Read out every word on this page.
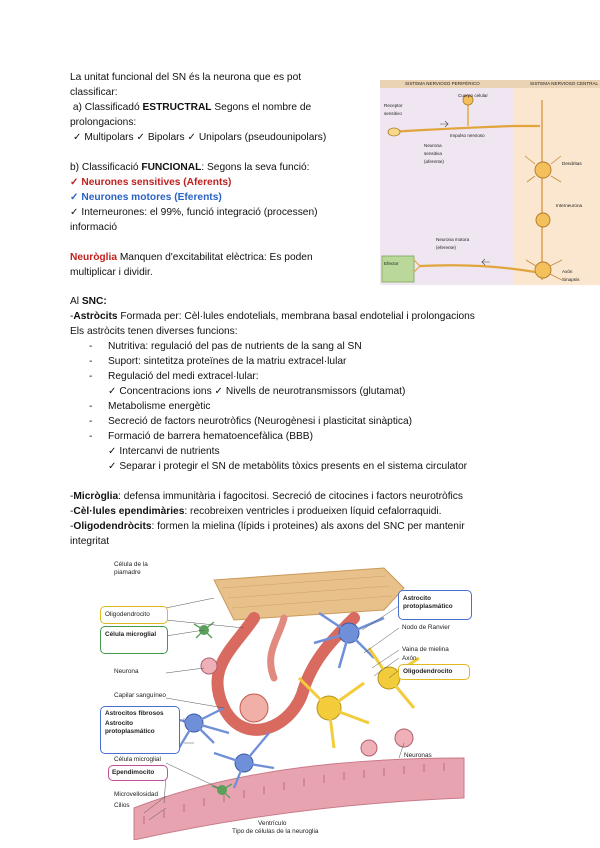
La unitat funcional del SN és la neurona que es pot
classificar:
a) Classificadó ESTRUCTRAL Segons el nombre de
prolongacions:
✓ Multipolars ✓ Bipolars ✓ Unipolars (pseudounipolars)
b) Classificació FUNCIONAL: Segons la seva funció:
✓ Neurones sensitives (Aferents)
✓ Neurones motores (Eferents)
✓ Interneurones: el 99%, funció integració (processen)
informació
Neuròglia Manquen d'excitabilitat elèctrica: Es poden
multiplicar i dividir.
SISTEMA NERVIOSO PERIFÉRICO	SISTEMA NERVIOSO CENTRAL
Receptor sensitivo
Neurona sensitiva (aferente)
Neurona motora (eferente)
Efector
Cuerpo celular
Impulso nervioso
Interneurona
Dendritas
Axón
Sinapsis
Al SNC:
-Astròcits Formada per: Cèl·lules endotelials, membrana basal endotelial i prolongacions
Els astròcits tenen diverses funcions:
- Nutritiva: regulació del pas de nutrients de la sang al SN
- Suport: sintetitza proteïnes de la matriu extracel·lular
- Regulació del medi extracel·lular:
✓ Concentracions ions ✓ Nivells de neurotransmissors (glutamat)
- Metabolisme energètic
- Secreció de factors neurotròfics (Neurogènesi i plasticitat sinàptica)
- Formació de barrera hematoencefàlica (BBB)
✓ Intercanvi de nutrients
✓ Separar i protegir el SN de metabòlits tòxics presents en el sistema circulator
-Micròglia: defensa immunitària i fagocitosi. Secreció de citocines i factors neurotròfics
-Cèl·lules ependimàries: recobreixen ventricles i produeixen líquid cefalorraquidi.
-Oligodendròcits: formen la mielina (lípids i proteines) als axons del SNC per mantenir
integritat
Célula de la piamadre
Oligodendrocito
Célula microglial
Neurona
Capilar sanguíneo
Astrocitos fibrosos
Astrocito protoplasmático
Célula microglial
Ependimocito
Microvellosidad
Cilios
Astrocito protoplasmático
Nodo de Ranvier
Vaina de mielina
Axón
Oligodendrocito
Neuronas
Ventrículo
Tipo de células de la neuroglia
